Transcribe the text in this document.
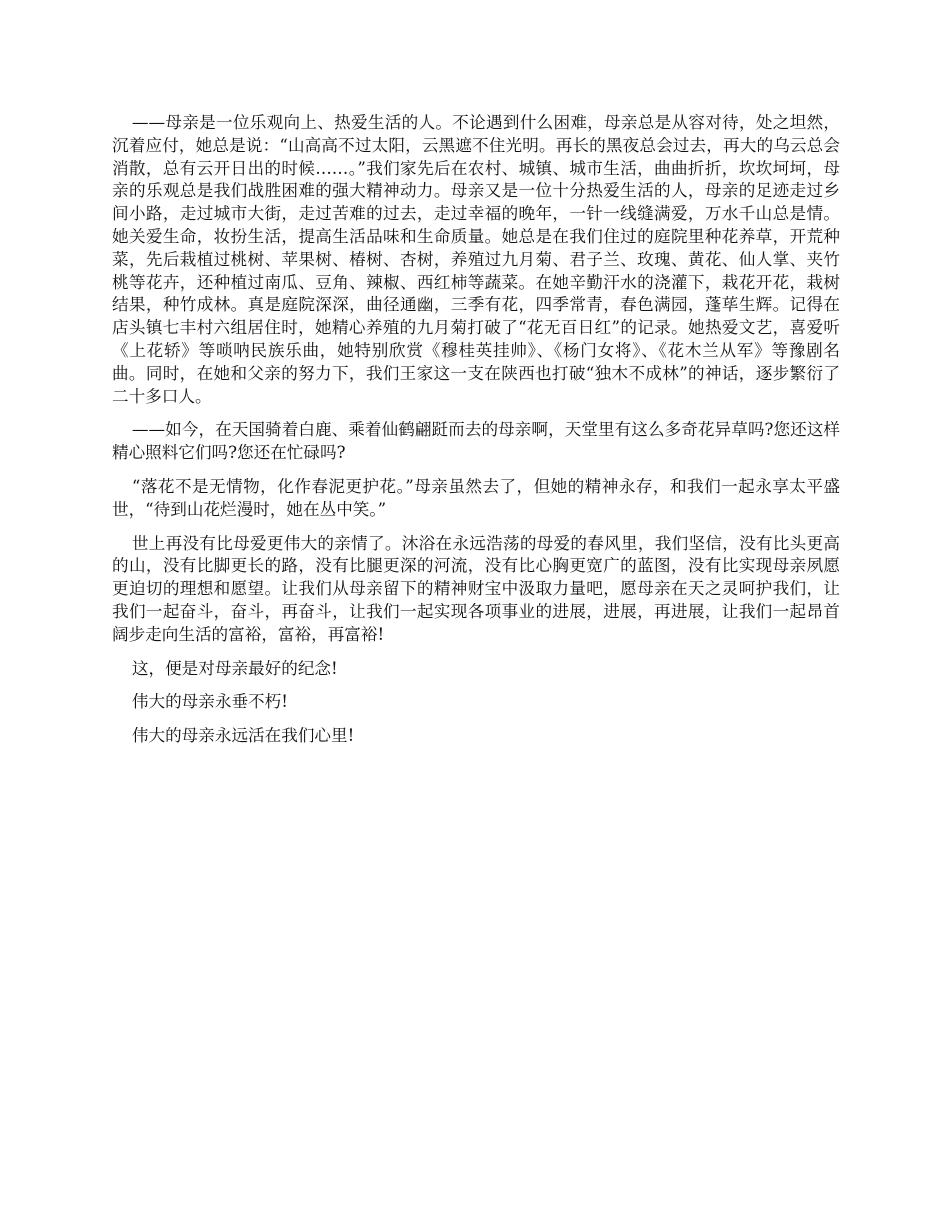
——母亲是一位乐观向上、热爱生活的人。不论遇到什么困难，母亲总是从容对待，处之坦然，沉着应付，她总是说：“山高高不过太阳，云黑遮不住光明。再长的黑夜总会过去，再大的乌云总会消散，总有云开日出的时候……。”我们家先后在农村、城镇、城市生活，曲曲折折，坎坎坷坷，母亲的乐观总是我们战胜困难的强大精神动力。母亲又是一位十分热爱生活的人，母亲的足迹走过乡间小路，走过城市大街，走过苦难的过去，走过幸福的晚年，一针一线缝满爱，万水千山总是情。她关爱生命，妆扮生活，提高生活品味和生命质量。她总是在我们住过的庭院里种花养草，开荒种菜，先后栽植过桃树、苹果树、椿树、杏树，养殖过九月菊、君子兰、玫瑰、黄花、仙人掌、夹竹桃等花卉，还种植过南瓜、豆角、辣椒、西红柿等蔬菜。在她辛勤汗水的浇灌下，栽花开花，栽树结果，种竹成林。真是庭院深深，曲径通幽，三季有花，四季常青，春色满园，蓬荜生辉。记得在店头镇七丰村六组居住时，她精心养殖的九月菊打破了“花无百日红”的记录。她热爱文艺，喜爱听《上花轿》等唢呐民族乐曲，她特别欣赏《穆桂英挂帅》、《杨门女将》、《花木兰从军》等豫剧名曲。同时，在她和父亲的努力下，我们王家这一支在陕西也打破“独木不成林”的神话，逐步繁衍了二十多口人。

——如今，在天国骑着白鹿、乘着仙鹤翩跹而去的母亲啊，天堂里有这么多奇花异草吗?您还这样精心照料它们吗?您还在忙碌吗?

“落花不是无情物，化作春泥更护花。”母亲虽然去了，但她的精神永存，和我们一起永享太平盛世，“待到山花烂漫时，她在丛中笑。”

世上再没有比母爱更伟大的亲情了。沐浴在永远浩荡的母爱的春风里，我们坚信，没有比头更高的山，没有比脚更长的路，没有比腿更深的河流，没有比心胸更宽广的蓝图，没有比实现母亲夙愿更迫切的理想和愿望。让我们从母亲留下的精神财宝中汲取力量吧，愿母亲在天之灵呵护我们，让我们一起奋斗，奋斗，再奋斗，让我们一起实现各项事业的进展，进展，再进展，让我们一起昂首阔步走向生活的富裕，富裕，再富裕!

这，便是对母亲最好的纪念!

伟大的母亲永垂不朽!

伟大的母亲永远活在我们心里!
